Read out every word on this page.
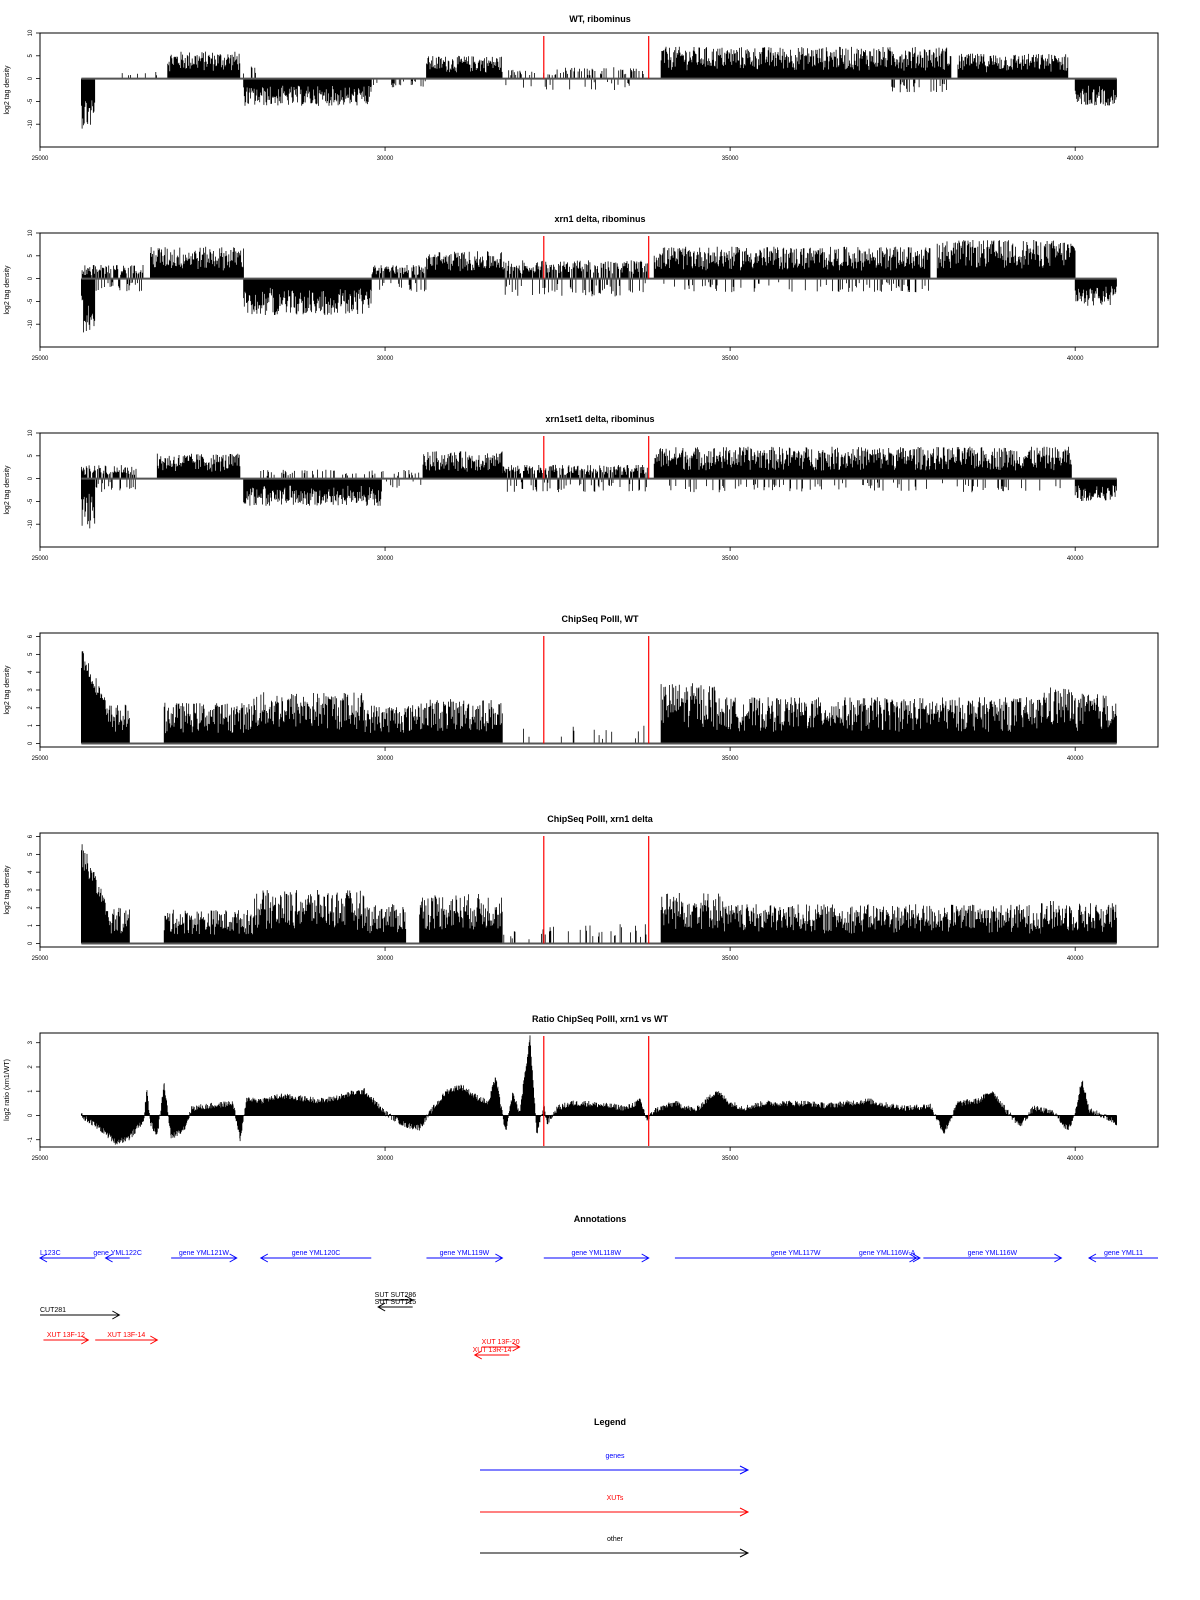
WT, ribominus
-10
-5
0
5
10
log2 tag density
25000	30000	35000	40000
xrn1 delta, ribominus
-10
-5
0
5
10
log2 tag density
25000	30000	35000	40000
xrn1set1 delta, ribominus
-10
-5
0
5
10
log2 tag density
25000	30000	35000	40000
ChipSeq PolII, WT
0
1
2
3
4
5
6
log2 tag density
25000	30000	35000	40000
ChipSeq PolII, xrn1 delta
0
1
2
3
4
5
6
log2 tag density
25000	30000	35000	40000
Ratio ChipSeq PolII, xrn1 vs WT
-1
0
1
2
3
log2 ratio (xrn1/WT)
25000	30000	35000	40000
Annotations
L123C	gene YML122C	gene YML121W	gene YML120C	gene YML119W	gene YML118W	gene YML117W	gene YML116W-A	gene YML116W	gene YML11
SUT SUT286
SUT SUT715
CUT281
XUT 13F-12	XUT 13F-14
XUT 13F-20
XUT 13R-14
Legend
genes
XUTs
other
